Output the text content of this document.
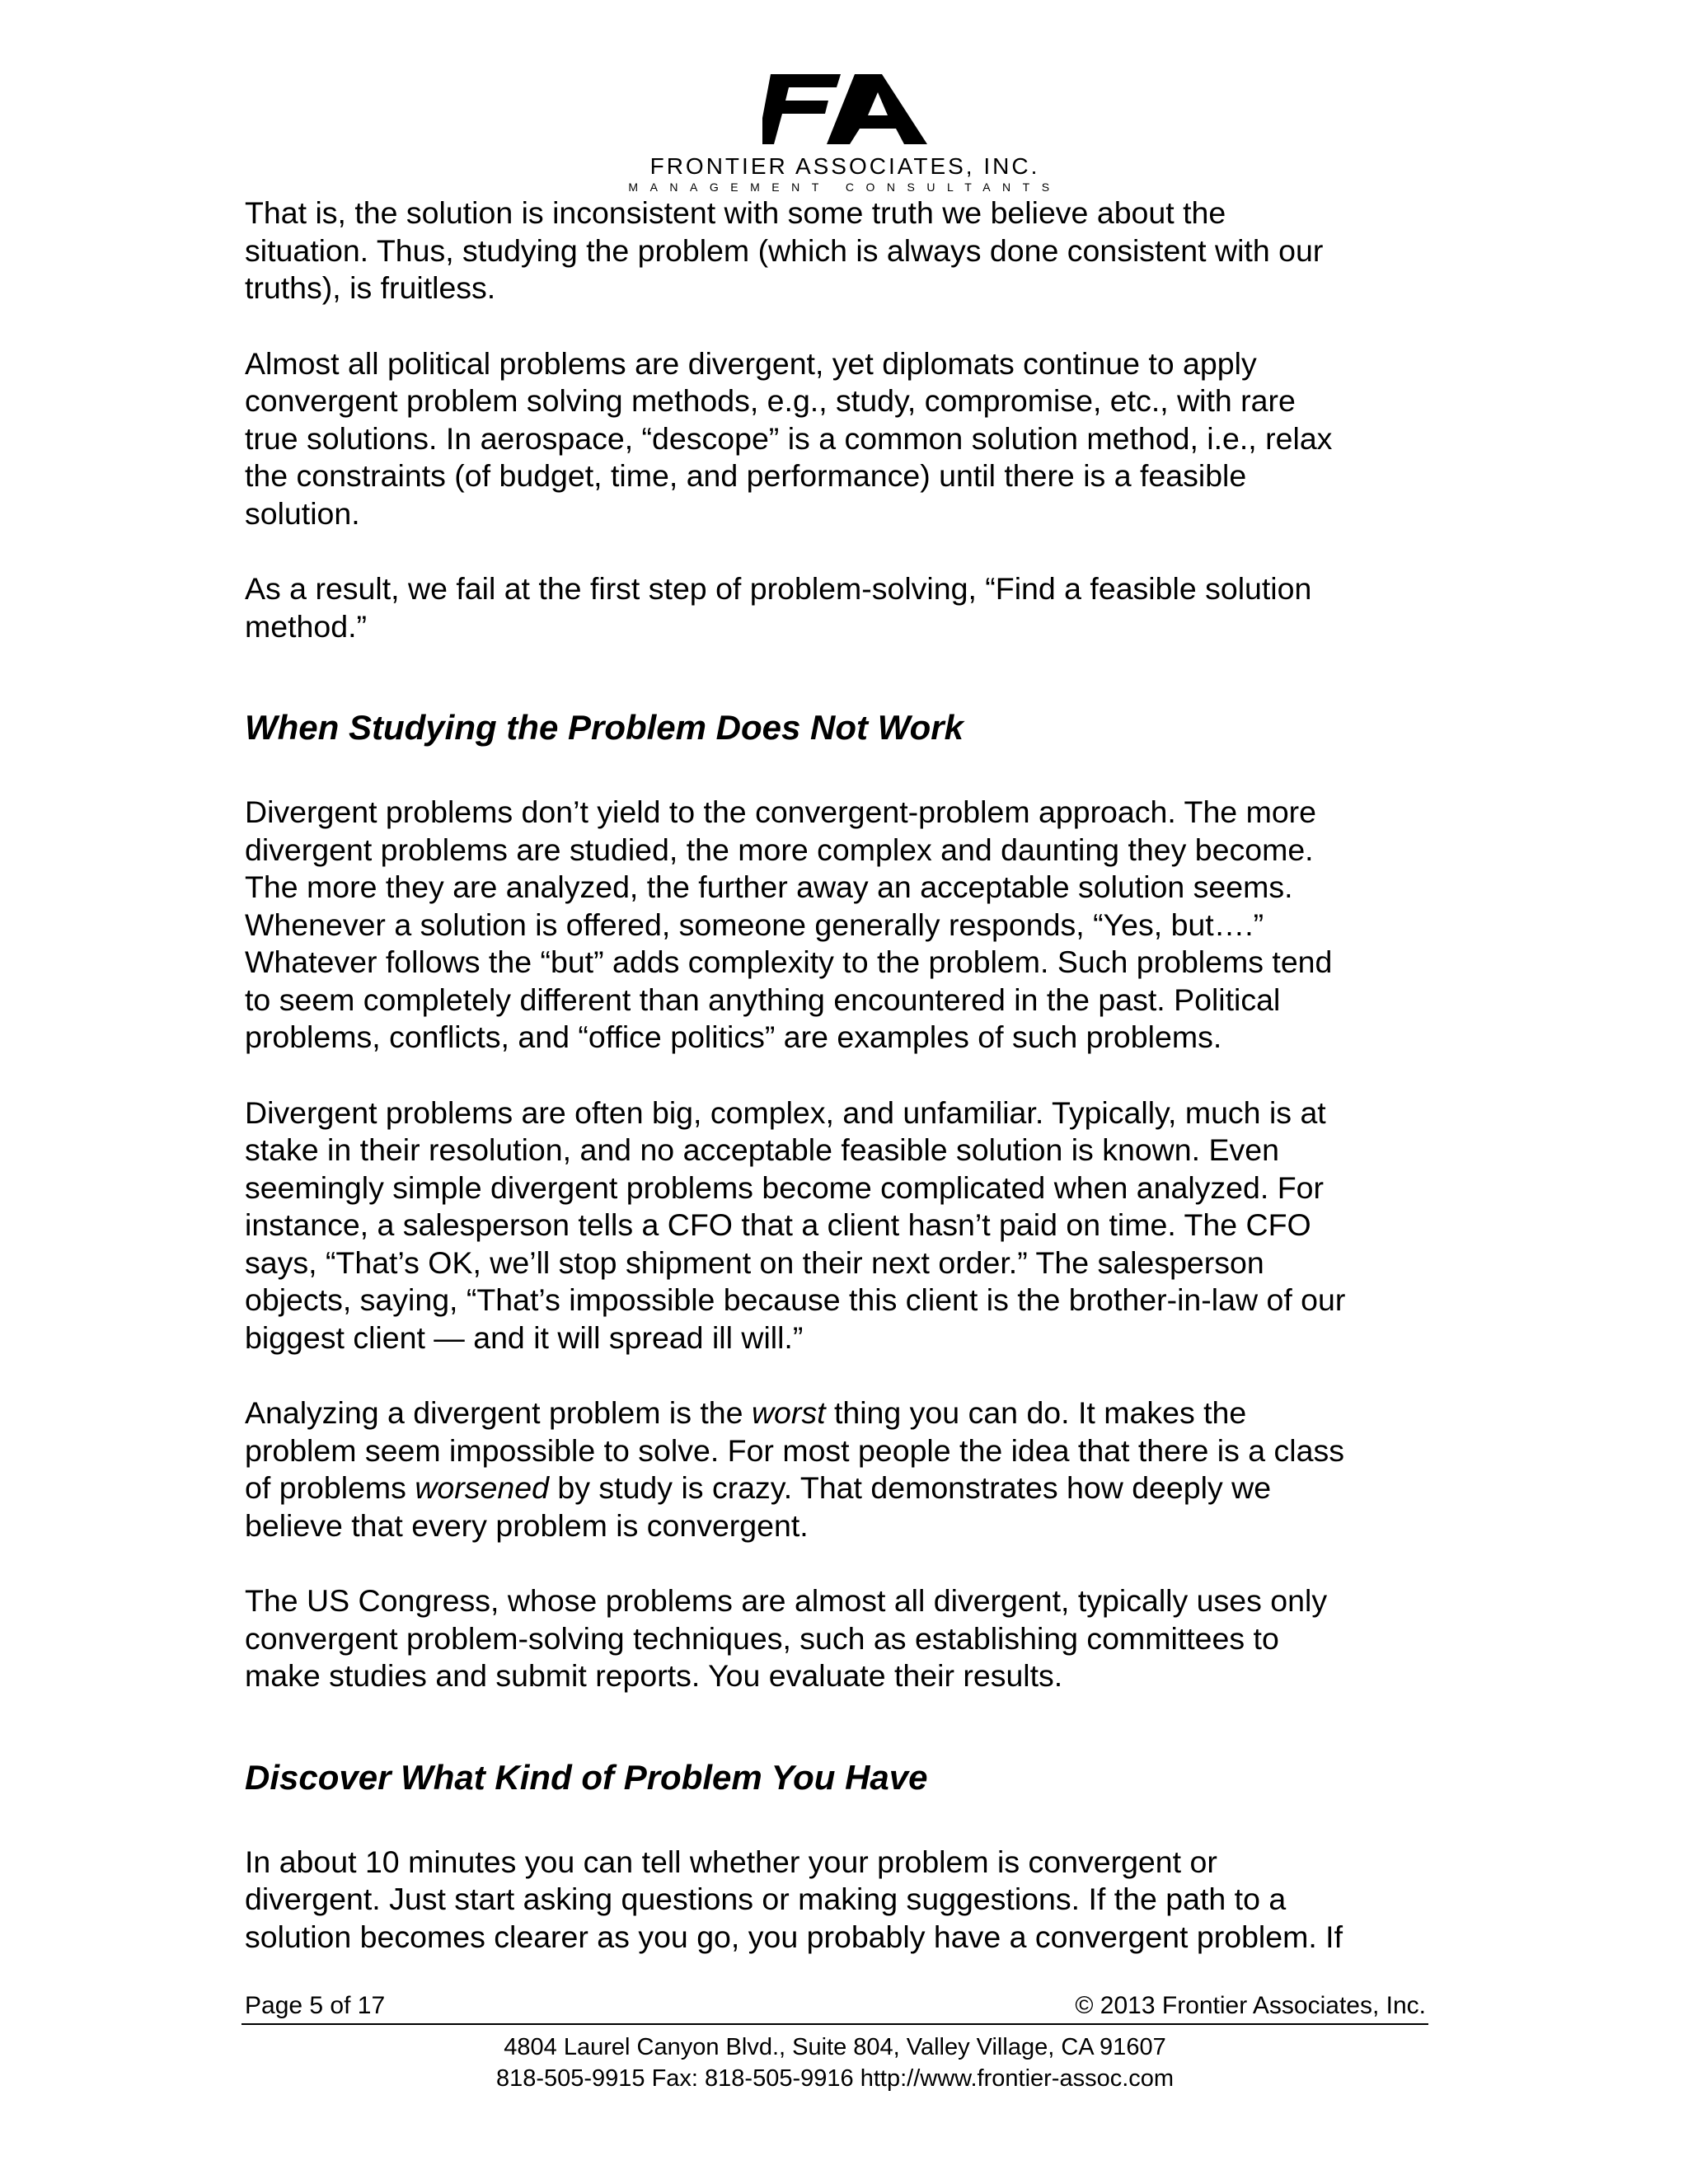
FRONTIER ASSOCIATES, INC.
MANAGEMENT CONSULTANTS

That is, the solution is inconsistent with some truth we believe about the
situation. Thus, studying the problem (which is always done consistent with our
truths), is fruitless.

Almost all political problems are divergent, yet diplomats continue to apply
convergent problem solving methods, e.g., study, compromise, etc., with rare
true solutions. In aerospace, “descope” is a common solution method, i.e., relax
the constraints (of budget, time, and performance) until there is a feasible
solution.

As a result, we fail at the first step of problem-solving, “Find a feasible solution
method.”

When Studying the Problem Does Not Work

Divergent problems don’t yield to the convergent-problem approach. The more
divergent problems are studied, the more complex and daunting they become.
The more they are analyzed, the further away an acceptable solution seems.
Whenever a solution is offered, someone generally responds, “Yes, but….”
Whatever follows the “but” adds complexity to the problem. Such problems tend
to seem completely different than anything encountered in the past. Political
problems, conflicts, and “office politics” are examples of such problems.

Divergent problems are often big, complex, and unfamiliar. Typically, much is at
stake in their resolution, and no acceptable feasible solution is known. Even
seemingly simple divergent problems become complicated when analyzed. For
instance, a salesperson tells a CFO that a client hasn’t paid on time. The CFO
says, “That’s OK, we’ll stop shipment on their next order.” The salesperson
objects, saying, “That’s impossible because this client is the brother-in-law of our
biggest client — and it will spread ill will.”

Analyzing a divergent problem is the worst thing you can do. It makes the
problem seem impossible to solve. For most people the idea that there is a class
of problems worsened by study is crazy. That demonstrates how deeply we
believe that every problem is convergent.

The US Congress, whose problems are almost all divergent, typically uses only
convergent problem-solving techniques, such as establishing committees to
make studies and submit reports. You evaluate their results.

Discover What Kind of Problem You Have

In about 10 minutes you can tell whether your problem is convergent or
divergent. Just start asking questions or making suggestions. If the path to a
solution becomes clearer as you go, you probably have a convergent problem. If

Page 5 of 17	© 2013 Frontier Associates, Inc.
4804 Laurel Canyon Blvd., Suite 804, Valley Village, CA 91607
818-505-9915 Fax: 818-505-9916 http://www.frontier-assoc.com
